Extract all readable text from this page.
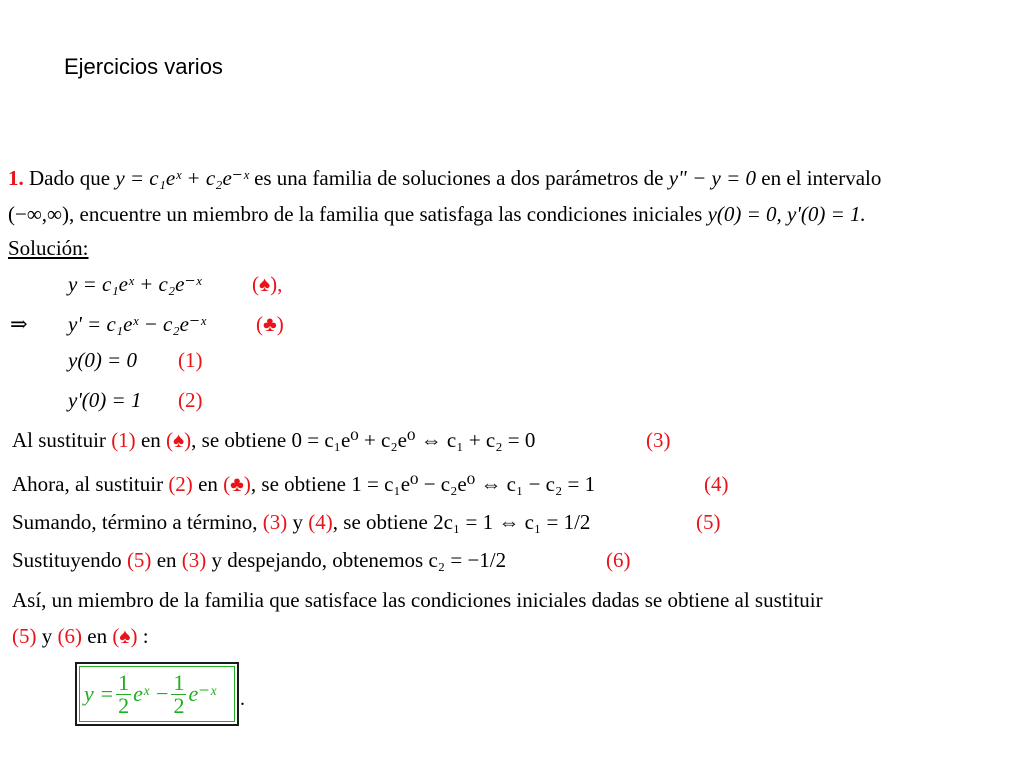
Ejercicios varios
1. Dado que y = c₁eˣ + c₂e⁻ˣ es una familia de soluciones a dos parámetros de y" − y = 0 en el intervalo
(−∞,∞), encuentre un miembro de la familia que satisfaga las condiciones iniciales y(0) = 0, y'(0) = 1.
Solución:
y = c₁eˣ + c₂e⁻ˣ (♠),
⇒ y' = c₁eˣ − c₂e⁻ˣ (♣)
y(0) = 0 (1)
y'(0) = 1 (2)
Al sustituir (1) en (♠), se obtiene 0 = c₁e⁰ + c₂e⁰ ⇔ c₁ + c₂ = 0	(3)
Ahora, al sustituir (2) en (♣), se obtiene 1 = c₁e⁰ − c₂e⁰ ⇔ c₁ − c₂ = 1	(4)
Sumando, término a término, (3) y (4), se obtiene 2c₁ = 1 ⇔ c₁ = 1/2	(5)
Sustituyendo (5) en (3) y despejando, obtenemos c₂ = −1/2	(6)
Así, un miembro de la familia que satisface las condiciones iniciales dadas se obtiene al sustituir
(5) y (6) en (♠) :
$y = \frac{1}{2}$ eˣ − $\frac{1}{2}$ e⁻ˣ .
